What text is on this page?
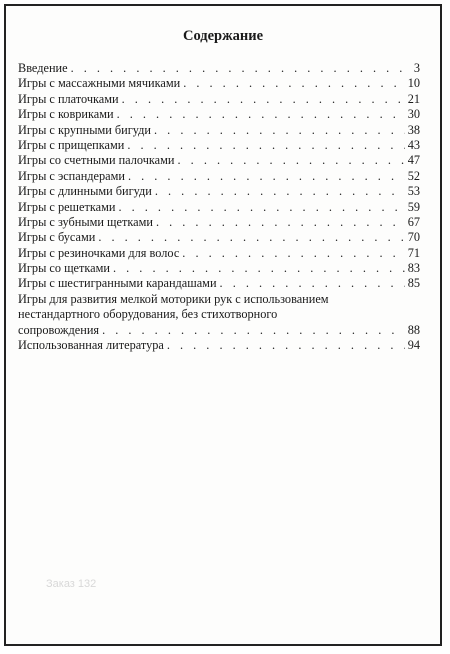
Содержание
Введение . . .	3
Игры с массажными мячиками . . .	10
Игры с платочками . . .	21
Игры с ковриками . . .	30
Игры с крупными бигуди . . .	38
Игры с прищепками . . .	43
Игры со счетными палочками . . .	47
Игры с эспандерами . . .	52
Игры с длинными бигуди . . .	53
Игры с решетками . . .	59
Игры с зубными щетками . . .	67
Игры с бусами . . .	70
Игры с резиночками для волос . . .	71
Игры со щетками . . .	83
Игры с шестигранными карандашами . . .	85
Игры для развития мелкой моторики рук с использованием
нестандартного оборудования, без стихотворного
сопровождения . . .	88
Использованная литература . . .	94
Заказ 132
